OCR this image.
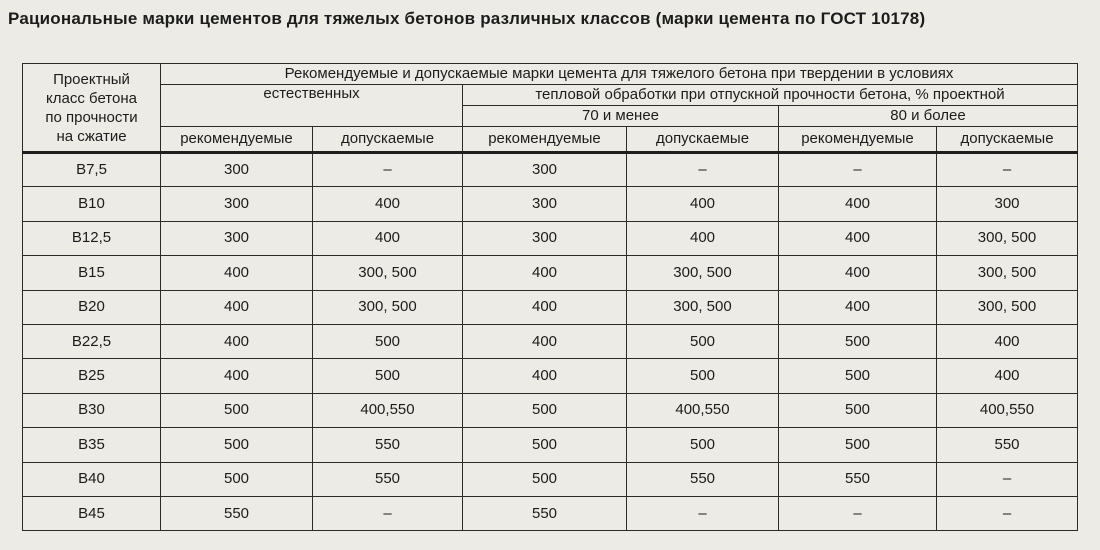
Рациональные марки цементов для тяжелых бетонов различных классов (марки цемента по ГОСТ 10178)
Проектный
класс бетона
по прочности
на сжатие	Рекомендуемые и допускаемые марки цемента для тяжелого бетона при твердении в условиях					
	естественных		тепловой обработки при отпускной прочности бетона, % проектной			
			70 и менее		80 и более	
	рекомендуемые	допускаемые	рекомендуемые	допускаемые	рекомендуемые	допускаемые
B7,5	300	–	300	–	–	–
B10	300	400	300	400	400	300
B12,5	300	400	300	400	400	300, 500
B15	400	300, 500	400	300, 500	400	300, 500
B20	400	300, 500	400	300, 500	400	300, 500
B22,5	400	500	400	500	500	400
B25	400	500	400	500	500	400
B30	500	400,550	500	400,550	500	400,550
B35	500	550	500	500	500	550
B40	500	550	500	550	550	–
B45	550	–	550	–	–	–
